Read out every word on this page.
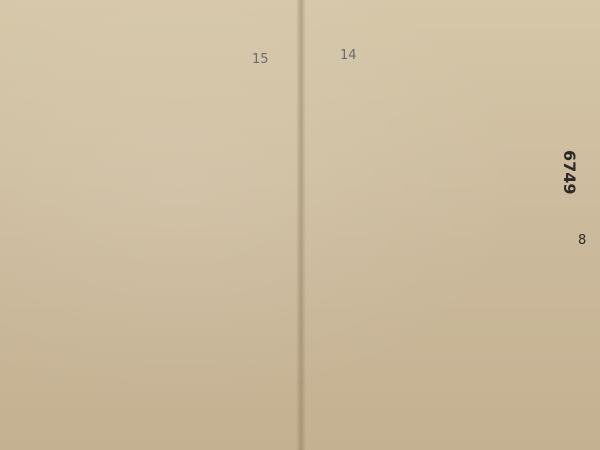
15	14
6749
8
